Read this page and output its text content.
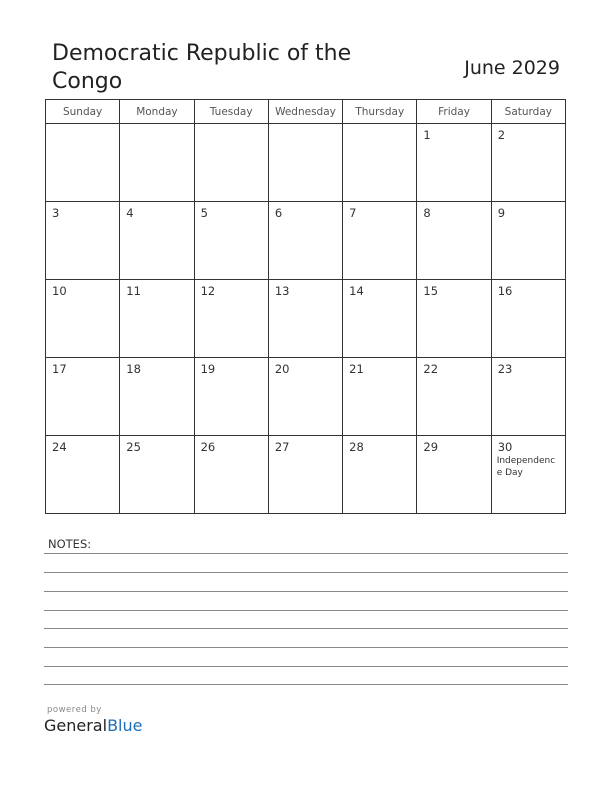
Democratic Republic of the Congo
June 2029
Sunday	Monday	Tuesday	Wednesday	Thursday	Friday	Saturday

					1	2

3	4	5	6	7	8	9

10	11	12	13	14	15	16

17	18	19	20	21	22	23

24	25	26	27	28	29	30
Independence Day
NOTES:
powered by
GeneralBlue
